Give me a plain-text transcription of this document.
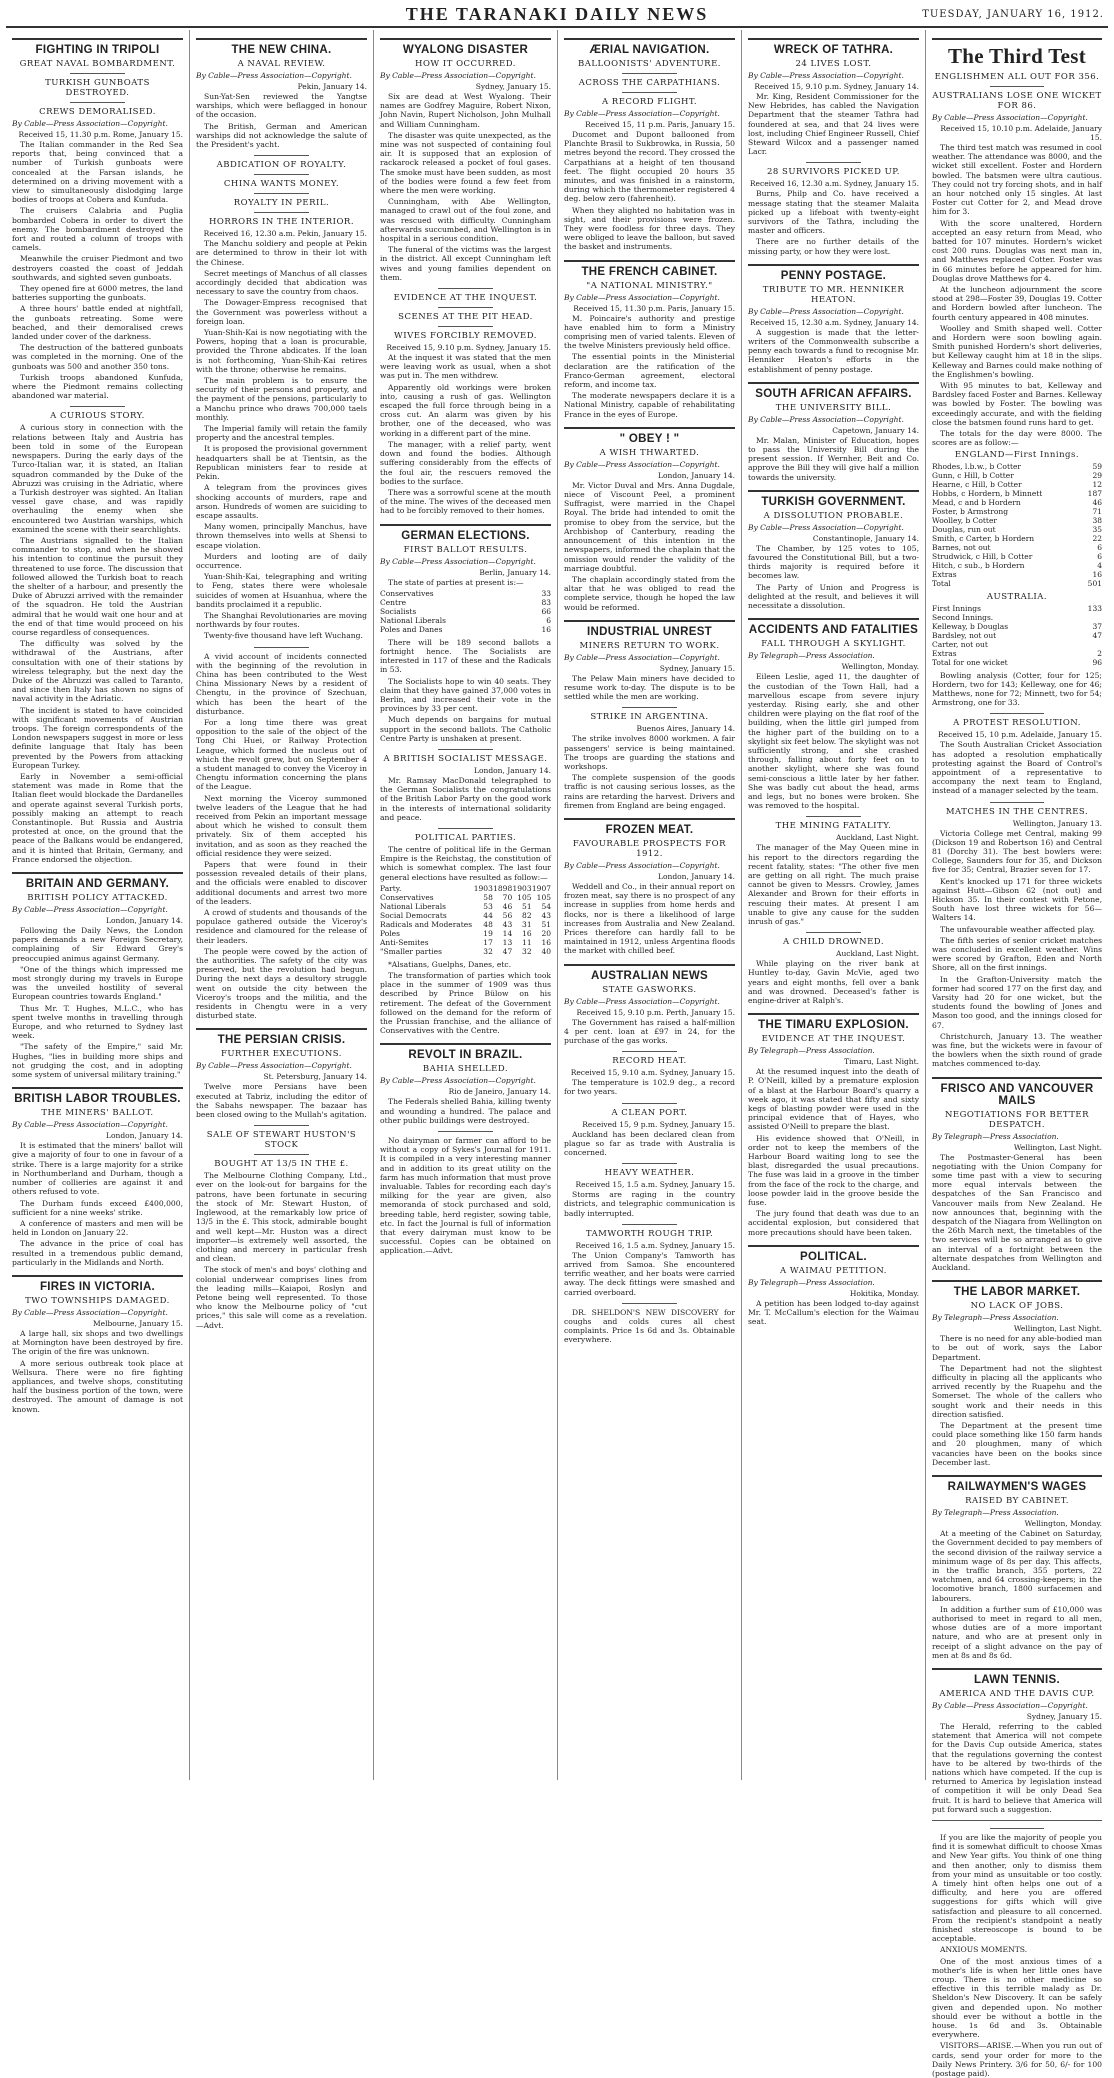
THE TARANAKI DAILY NEWS	TUESDAY, JANUARY 16, 1912.
FIGHTING IN TRIPOLI
GREAT NAVAL BOMBARDMENT.
TURKISH GUNBOATS DESTROYED.
CREWS DEMORALISED.
By Cable—Press Association—Copyright.
Received 15, 11.30 p.m. Rome, January 15.

The Italian commander in the Red Sea reports that, being convinced that a number of Turkish gunboats were concealed at the Farsan islands, he determined on a driving movement with a view to simultaneously dislodging large bodies of troops at Cobera and Kunfuda.

The cruisers Calabria and Puglia bombarded Cobera in order to divert the enemy. The bombardment destroyed the fort and routed a column of troops with camels.

Meanwhile the cruiser Piedmont and two destroyers coasted the coast of Jeddah southwards, and sighted seven gunboats.

They opened fire at 6000 metres, the land batteries supporting the gunboats.

A three hours' battle ended at nightfall, the gunboats retreating. Some were beached, and their demoralised crews landed under cover of the darkness.

The destruction of the battered gunboats was completed in the morning. One of the gunboats was 500 and another 350 tons.

Turkish troops abandoned Kunfuda, where the Piedmont remains collecting abandoned war material.

A CURIOUS STORY.

A curious story in connection with the relations between Italy and Austria has been told in some of the European newspapers. During the early days of the Turco-Italian war, it is stated, an Italian squadron commanded by the Duke of the Abruzzi was cruising in the Adriatic, where a Turkish destroyer was sighted. An Italian vessel gave chase, and was rapidly overhauling the enemy when she encountered two Austrian warships, which examined the scene with their searchlights.

The Austrians signalled to the Italian commander to stop, and when he showed his intention to continue the pursuit they threatened to use force. The discussion that followed allowed the Turkish boat to reach the shelter of a harbour, and presently the Duke of Abruzzi arrived with the remainder of the squadron. He told the Austrian admiral that he would wait one hour and at the end of that time would proceed on his course regardless of consequences.

The difficulty was solved by the withdrawal of the Austrians, after consultation with one of their stations by wireless telegraphy, but the next day the Duke of the Abruzzi was called to Taranto, and since then Italy has shown no signs of naval activity in the Adriatic.

The incident is stated to have coincided with significant movements of Austrian troops. The foreign correspondents of the London newspapers suggest in more or less definite language that Italy has been prevented by the Powers from attacking European Turkey.

Early in November a semi-official statement was made in Rome that the Italian fleet would blockade the Dardanelles and operate against several Turkish ports, possibly making an attempt to reach Constantinople. But Russia and Austria protested at once, on the ground that the peace of the Balkans would be endangered, and it is hinted that Britain, Germany, and France endorsed the objection.

BRITAIN AND GERMANY.
BRITISH POLICY ATTACKED.
By Cable—Press Association—Copyright.
London, January 14.

Following the Daily News, the London papers demands a new Foreign Secretary, complaining of Sir Edward Grey's preoccupied animus against Germany.

"One of the things which impressed me most strongly during my travels in Europe was the unveiled hostility of several European countries towards England."

Thus Mr. T. Hughes, M.L.C., who has spent twelve months in travelling through Europe, and who returned to Sydney last week.

"The safety of the Empire," said Mr. Hughes, "lies in building more ships and not grudging the cost, and in adopting some system of universal military training."

BRITISH LABOR TROUBLES.
THE MINERS' BALLOT.
By Cable—Press Association—Copyright.
London, January 14.

It is estimated that the miners' ballot will give a majority of four to one in favour of a strike. There is a large majority for a strike in Northumberland and Durham, though a number of collieries are against it and others refused to vote.

The Durham funds exceed £400,000, sufficient for a nine weeks' strike.

A conference of masters and men will be held in London on January 22.

The advance in the price of coal has resulted in a tremendous public demand, particularly in the Midlands and North.

FIRES IN VICTORIA.
TWO TOWNSHIPS DAMAGED.
By Cable—Press Association—Copyright.
Melbourne, January 15.

A large hall, six shops and two dwellings at Mornington have been destroyed by fire. The origin of the fire was unknown.

A more serious outbreak took place at Wellsura. There were no fire fighting appliances, and twelve shops, constituting half the business portion of the town, were destroyed. The amount of damage is not known.

THE NEW CHINA.
A NAVAL REVIEW.
By Cable—Press Association—Copyright.
Pekin, January 14.

Sun-Yat-Sen reviewed the Yangtse warships, which were beflagged in honour of the occasion.

The British, German and American warships did not acknowledge the salute of the President's yacht.

ABDICATION OF ROYALTY.
CHINA WANTS MONEY.
ROYALTY IN PERIL.
HORRORS IN THE INTERIOR.
Received 16, 12.30 a.m. Pekin, January 15.

The Manchu soldiery and people at Pekin are determined to throw in their lot with the Chinese.

Secret meetings of Manchus of all classes accordingly decided that abdication was necessary to save the country from chaos.

The Dowager-Empress recognised that the Government was powerless without a foreign loan.

Yuan-Shih-Kai is now negotiating with the Powers, hoping that a loan is procurable, provided the Throne abdicates. If the loan is not forthcoming, Yuan-Shih-Kai retires with the throne; otherwise he remains.

The main problem is to ensure the security of their persons and property, and the payment of the pensions, particularly to a Manchu prince who draws 700,000 taels monthly.

The Imperial family will retain the family property and the ancestral temples.

It is proposed the provisional government headquarters shall be at Tientsin, as the Republican ministers fear to reside at Pekin.

A telegram from the provinces gives shocking accounts of murders, rape and arson. Hundreds of women are suiciding to escape assaults.

Many women, principally Manchus, have thrown themselves into wells at Shensi to escape violation.

Murders and looting are of daily occurrence.

Yuan-Shih-Kai, telegraphing and writing to Feng, states there were wholesale suicides of women at Hsuanhua, where the bandits proclaimed it a republic.

The Shanghai Revolutionaries are moving northwards by four routes.

Twenty-five thousand have left Wuchang.

A vivid account of incidents connected with the beginning of the revolution in China has been contributed to the West China Missionary News by a resident of Chengtu, in the province of Szechuan, which has been the heart of the disturbance.

For a long time there was great opposition to the sale of the object of the Tong Chi Huei, or Railway Protection League, which formed the nucleus out of which the revolt grew, but on September 4 a student managed to convey the Viceroy in Chengtu information concerning the plans of the League.

Next morning the Viceroy summoned twelve leaders of the League that he had received from Pekin an important message about which he wished to consult them privately. Six of them accepted his invitation, and as soon as they reached the official residence they were seized.

Papers that were found in their possession revealed details of their plans, and the officials were enabled to discover additional documents and arrest two more of the leaders.

A crowd of students and thousands of the populace gathered outside the Viceroy's residence and clamoured for the release of their leaders.

The people were cowed by the action of the authorities. The safety of the city was preserved, but the revolution had begun. During the next days a desultory struggle went on outside the city between the Viceroy's troops and the militia, and the residents in Chengtu were in a very disturbed state.

THE PERSIAN CRISIS.
FURTHER EXECUTIONS.
By Cable—Press Association—Copyright.
St. Petersburg, January 14.

Twelve more Persians have been executed at Tabriz, including the editor of the Sabahs newspaper. The bazaar has been closed owing to the Mullah's agitation.

SALE OF STEWART HUSTON'S STOCK
BOUGHT AT 13/5 IN THE £.

The Melbourne Clothing Company, Ltd., ever on the look-out for bargains for the patrons, have been fortunate in securing the stock of Mr. Stewart Huston, of Inglewood, at the remarkably low price of 13/5 in the £. This stock, admirable bought and well kept—Mr. Huston was a direct importer—is extremely well assorted, the clothing and mercery in particular fresh and clean.

The stock of men's and boys' clothing and colonial underwear comprises lines from the leading mills—Kaiapoi, Roslyn and Petone being well represented. To those who know the Melbourne policy of "cut prices," this sale will come as a revelation.—Advt.

WYALONG DISASTER
HOW IT OCCURRED.
By Cable—Press Association—Copyright.
Sydney, January 15.

Six are dead at West Wyalong. Their names are Godfrey Maguire, Robert Nixon, John Navin, Rupert Nicholson, John Mulhall and William Cunningham.

The disaster was quite unexpected, as the mine was not suspected of containing foul air. It is supposed that an explosion of rackarock released a pocket of foul gases. The smoke must have been sudden, as most of the bodies were found a few feet from where the men were working.

Cunningham, with Abe Wellington, managed to crawl out of the foul zone, and was rescued with difficulty. Cunningham afterwards succumbed, and Wellington is in hospital in a serious condition.

The funeral of the victims was the largest in the district. All except Cunningham left wives and young families dependent on them.

EVIDENCE AT THE INQUEST.
SCENES AT THE PIT HEAD.
WIVES FORCIBLY REMOVED.
Received 15, 9.10 p.m. Sydney, January 15.

At the inquest it was stated that the men were leaving work as usual, when a shot was put in. The men withdrew.

Apparently old workings were broken into, causing a rush of gas. Wellington escaped the full force through being in a cross cut. An alarm was given by his brother, one of the deceased, who was working in a different part of the mine.

The manager, with a relief party, went down and found the bodies. Although suffering considerably from the effects of the foul air, the rescuers removed the bodies to the surface.

There was a sorrowful scene at the mouth of the mine. The wives of the deceased men had to be forcibly removed to their homes.

GERMAN ELECTIONS.
FIRST BALLOT RESULTS.
By Cable—Press Association—Copyright.
Berlin, January 14.

The state of parties at present is:—

Conservatives	33
Centre	83
Socialists	66
National Liberals	6
Poles and Danes	16

There will be 189 second ballots a fortnight hence. The Socialists are interested in 117 of these and the Radicals in 53.

The Socialists hope to win 40 seats. They claim that they have gained 37,000 votes in Berlin, and increased their vote in the provinces by 33 per cent.

Much depends on bargains for mutual support in the second ballots. The Catholic Centre Party is unshaken at present.

A BRITISH SOCIALIST MESSAGE.
London, January 14.

Mr. Ramsay MacDonald telegraphed to the German Socialists the congratulations of the British Labor Party on the good work in the interests of international solidarity and peace.

POLITICAL PARTIES.

The centre of political life in the German Empire is the Reichstag, the constitution of which is somewhat complex. The last four general elections have resulted as follow:—

Party.	1903	1898	1903	1907
Conservatives	58	70	105	105
National Liberals	53	46	51	54
Social Democrats	44	56	82	43
Radicals and Moderates	48	43	31	51
Poles	19	14	16	20
Anti-Semites	17	13	11	16
"Smaller parties	32	47	32	40

*Alsatians, Guelphs, Danes, etc.

The transformation of parties which took place in the summer of 1909 was thus described by Prince Bülow on his retirement. The defeat of the Government followed on the demand for the reform of the Prussian franchise, and the alliance of Conservatives with the Centre.

REVOLT IN BRAZIL.
BAHIA SHELLED.
By Cable—Press Association—Copyright.
Rio de Janeiro, January 14.

The Federals shelled Bahia, killing twenty and wounding a hundred. The palace and other public buildings were destroyed.

No dairyman or farmer can afford to be without a copy of Sykes's Journal for 1911. It is compiled in a very interesting manner and in addition to its great utility on the farm has much information that must prove invaluable. Tables for recording each day's milking for the year are given, also memoranda of stock purchased and sold, breeding table, herd register, sowing table, etc. In fact the Journal is full of information that every dairyman must know to be successful. Copies can be obtained on application.—Advt.

ÆRIAL NAVIGATION.
BALLOONISTS' ADVENTURE.
ACROSS THE CARPATHIANS.
A RECORD FLIGHT.
By Cable—Press Association—Copyright.
Received 15, 11 p.m. Paris, January 15.

Ducomet and Dupont ballooned from Planchte Brasil to Sukbrowka, in Russia, 50 metres beyond the record. They crossed the Carpathians at a height of ten thousand feet. The flight occupied 20 hours 35 minutes, and was finished in a rainstorm, during which the thermometer registered 4 deg. below zero (fahrenheit).

When they alighted no habitation was in sight, and their provisions were frozen. They were foodless for three days. They were obliged to leave the balloon, but saved the basket and instruments.

THE FRENCH CABINET.
"A NATIONAL MINISTRY."
By Cable—Press Association—Copyright.
Received 15, 11.30 p.m. Paris, January 15.

M. Poincaire's authority and prestige have enabled him to form a Ministry comprising men of varied talents. Eleven of the twelve Ministers previously held office.

The essential points in the Ministerial declaration are the ratification of the Franco-German agreement, electoral reform, and income tax.

The moderate newspapers declare it is a National Ministry, capable of rehabilitating France in the eyes of Europe.

" OBEY ! "
A WISH THWARTED.
By Cable—Press Association—Copyright.
London, January 14.

Mr. Victor Duval and Mrs. Anna Dugdale, niece of Viscount Peel, a prominent Suffragist, were married in the Chapel Royal. The bride had intended to omit the promise to obey from the service, but the Archbishop of Canterbury, reading the announcement of this intention in the newspapers, informed the chaplain that the omission would render the validity of the marriage doubtful.

The chaplain accordingly stated from the altar that he was obliged to read the complete service, though he hoped the law would be reformed.

INDUSTRIAL UNREST
MINERS RETURN TO WORK.
By Cable—Press Association—Copyright.
Sydney, January 15.

The Pelaw Main miners have decided to resume work to-day. The dispute is to be settled while the men are working.

STRIKE IN ARGENTINA.
Buenos Aires, January 14.

The strike involves 8000 workmen. A fair passengers' service is being maintained. The troops are guarding the stations and workshops.

The complete suspension of the goods traffic is not causing serious losses, as the rains are retarding the harvest. Drivers and firemen from England are being engaged.

FROZEN MEAT.
FAVOURABLE PROSPECTS FOR 1912.
By Cable—Press Association—Copyright.
London, January 14.

Weddell and Co., in their annual report on frozen meat, say there is no prospect of any increase in supplies from home herds and flocks, nor is there a likelihood of large increases from Australia and New Zealand. Prices therefore can hardly fall to be maintained in 1912, unless Argentina floods the market with chilled beef.

AUSTRALIAN NEWS
STATE GASWORKS.
By Cable—Press Association—Copyright.
Received 15, 9.10 p.m. Perth, January 15.

The Government has raised a half-million 4 per cent. loan at £97 in 24, for the purchase of the gas works.

RECORD HEAT.
Received 15, 9.10 a.m. Sydney, January 15.

The temperature is 102.9 deg., a record for two years.

A CLEAN PORT.
Received 15, 9 p.m. Sydney, January 15.

Auckland has been declared clean from plague so far as trade with Australia is concerned.

HEAVY WEATHER.
Received 15, 1.5 a.m. Sydney, January 15.

Storms are raging in the country districts, and telegraphic communication is badly interrupted.

TAMWORTH ROUGH TRIP.
Received 16, 1.5 a.m. Sydney, January 15.

The Union Company's Tamworth has arrived from Samoa. She encountered terrific weather, and her boats were carried away. The deck fittings were smashed and carried overboard.

DR. SHELDON'S NEW DISCOVERY for coughs and colds cures all chest complaints. Price 1s 6d and 3s. Obtainable everywhere.

WRECK OF TATHRA.
24 LIVES LOST.
By Cable—Press Association—Copyright.
Received 15, 9.10 p.m. Sydney, January 14.

Mr. King, Resident Commissioner for the New Hebrides, has cabled the Navigation Department that the steamer Tathra had foundered at sea, and that 24 lives were lost, including Chief Engineer Russell, Chief Steward Wilcox and a passenger named Lacr.

28 SURVIVORS PICKED UP.
Received 16, 12.30 a.m. Sydney, January 15.

Burns, Philp and Co. have received a message stating that the steamer Malaita picked up a lifeboat with twenty-eight survivors of the Tathra, including the master and officers.

There are no further details of the missing party, or how they were lost.

PENNY POSTAGE.
TRIBUTE TO MR. HENNIKER HEATON.
By Cable—Press Association—Copyright.
Received 15, 12.30 a.m. Sydney, January 14.

A suggestion is made that the letter-writers of the Commonwealth subscribe a penny each towards a fund to recognise Mr. Henniker Heaton's efforts in the establishment of penny postage.

SOUTH AFRICAN AFFAIRS.
THE UNIVERSITY BILL.
By Cable—Press Association—Copyright.
Capetown, January 14.

Mr. Malan, Minister of Education, hopes to pass the University Bill during the present session. If Wernher, Beit and Co. approve the Bill they will give half a million towards the university.

TURKISH GOVERNMENT.
A DISSOLUTION PROBABLE.
By Cable—Press Association—Copyright.
Constantinople, January 14.

The Chamber, by 125 votes to 105, favoured the Constitutional Bill, but a two-thirds majority is required before it becomes law.

The Party of Union and Progress is delighted at the result, and believes it will necessitate a dissolution.

ACCIDENTS AND FATALITIES
FALL THROUGH A SKYLIGHT.
By Telegraph—Press Association.
Wellington, Monday.

Eileen Leslie, aged 11, the daughter of the custodian of the Town Hall, had a marvellous escape from severe injury yesterday. Rising early, she and other children were playing on the flat roof of the building, when the little girl jumped from the higher part of the building on to a skylight six feet below. The skylight was not sufficiently strong, and she crashed through, falling about forty feet on to another skylight, where she was found semi-conscious a little later by her father. She was badly cut about the head, arms and legs, but no bones were broken. She was removed to the hospital.

THE MINING FATALITY.
Auckland, Last Night.

The manager of the May Queen mine in his report to the directors regarding the recent fatality, states: "The other five men are getting on all right. The much praise cannot be given to Messrs. Crowley, James Alexander and Brown for their efforts in rescuing their mates. At present I am unable to give any cause for the sudden inrush of gas."

A CHILD DROWNED.
Auckland, Last Night.

While playing on the river bank at Huntley to-day, Gavin McVie, aged two years and eight months, fell over a bank and was drowned. Deceased's father is engine-driver at Ralph's.

THE TIMARU EXPLOSION.
EVIDENCE AT THE INQUEST.
By Telegraph—Press Association.
Timaru, Last Night.

At the resumed inquest into the death of P. O'Neill, killed by a premature explosion of a blast at the Harbour Board's quarry a week ago, it was stated that fifty and sixty kegs of blasting powder were used in the principal evidence that of Hayes, who assisted O'Neill to prepare the blast.

His evidence showed that O'Neill, in order not to keep the members of the Harbour Board waiting long to see the blast, disregarded the usual precautions. The fuse was laid in a groove in the timber from the face of the rock to the charge, and loose powder laid in the groove beside the fuse.

The jury found that death was due to an accidental explosion, but considered that more precautions should have been taken.

POLITICAL.
A WAIMAU PETITION.
By Telegraph—Press Association.
Hokitika, Monday.

A petition has been lodged to-day against Mr. T. McCallum's election for the Waimau seat.

The Third Test
ENGLISHMEN ALL OUT FOR 356.
AUSTRALIANS LOSE ONE WICKET FOR 86.
By Cable—Press Association—Copyright.
Received 15, 10.10 p.m. Adelaide, January 15.

The third test match was resumed in cool weather. The attendance was 8000, and the wicket still excellent. Foster and Hordern bowled. The batsmen were ultra cautious. They could not try forcing shots, and in half an hour notched only 15 singles. At last Foster cut Cotter for 2, and Mead drove him for 3.

With the score unaltered, Hordern accepted an easy return from Mead, who batted for 107 minutes. Hordern's wicket cost 200 runs. Douglas was next man in, and Matthews replaced Cotter. Foster was in 66 minutes before he appeared for him. Douglas drove Matthews for 4.

At the luncheon adjournment the score stood at 298—Foster 39, Douglas 19. Cotter and Hordern bowled after luncheon. The fourth century appeared in 408 minutes.

Woolley and Smith shaped well. Cotter and Hordern were soon bowling again. Smith punished Hordern's short deliveries, but Kelleway caught him at 18 in the slips. Kelleway and Barnes could make nothing of the Englishmen's bowling.

With 95 minutes to bat, Kelleway and Bardsley faced Foster and Barnes. Kelleway was bowled by Foster. The bowling was exceedingly accurate, and with the fielding close the batsmen found runs hard to get.

The totals for the day were 8000. The scores are as follow:—

ENGLAND—First Innings.
Rhodes, l.b.w., b Cotter	59
Gunn, c Hill, b Cotter	29
Hearne, c Hill, b Cotter	12
Hobbs, c Hordern, b Minnett	187
Mead, c and b Hordern	46
Foster, b Armstrong	71
Woolley, b Cotter	38
Douglas, run out	35
Smith, c Carter, b Hordern	22
Barnes, not out	6
Strudwick, c Hill, b Cotter	6
Hitch, c sub., b Hordern	4
Extras	16
Total	501
AUSTRALIA.
First Innings	133
Second Innings.	
Kelleway, b Douglas	37
Bardsley, not out	47
Carter, not out	
Extras	2
Total for one wicket	96

Bowling analysis (Cotter, four for 125; Hordern, two for 143; Kelleway, one for 46; Matthews, none for 72; Minnett, two for 54; Armstrong, one for 33.

A PROTEST RESOLUTION.
Received 15, 10 p.m. Adelaide, January 15.

The South Australian Cricket Association has adopted a resolution emphatically protesting against the Board of Control's appointment of a representative to accompany the next team to England, instead of a manager selected by the team.

MATCHES IN THE CENTRES.
Wellington, January 13.

Victoria College met Central, making 99 (Dickson 19 and Robertson 16) and Central 81 (Dorchy 31). The best bowlers were: College, Saunders four for 35, and Dickson five for 35; Central, Brazier seven for 17.

Kent's knocked up 171 for three wickets against Hutt—Gibson 62 (not out) and Hickson 35. In their contest with Petone, South have lost three wickets for 56—Walters 14.

The unfavourable weather affected play.

The fifth series of senior cricket matches was concluded in excellent weather. Wins were scored by Grafton, Eden and North Shore, all on the first innings.

In the Grafton-University match the former had scored 177 on the first day, and Varsity had 20 for one wicket, but the students found the bowling of Jones and Mason too good, and the innings closed for 67.

Christchurch, January 13. The weather was fine, but the wickets were in favour of the bowlers when the sixth round of grade matches commenced to-day.

FRISCO AND VANCOUVER MAILS
NEGOTIATIONS FOR BETTER DESPATCH.
By Telegraph—Press Association.
Wellington, Last Night.

The Postmaster-General has been negotiating with the Union Company for some time past with a view to securing more equal intervals between the despatches of the San Francisco and Vancouver mails from New Zealand. He now announces that, beginning with the despatch of the Niagara from Wellington on the 26th March next, the timetables of the two services will be so arranged as to give an interval of a fortnight between the alternate despatches from Wellington and Auckland.

THE LABOR MARKET.
NO LACK OF JOBS.
By Telegraph—Press Association.
Wellington, Last Night.

There is no need for any able-bodied man to be out of work, says the Labor Department.

The Department had not the slightest difficulty in placing all the applicants who arrived recently by the Ruapehu and the Somerset. The whole of the callers who sought work and their needs in this direction satisfied.

The Department at the present time could place something like 150 farm hands and 20 ploughmen, many of which vacancies have been on the books since December last.

RAILWAYMEN'S WAGES
RAISED BY CABINET.
By Telegraph—Press Association.
Wellington, Monday.

At a meeting of the Cabinet on Saturday, the Government decided to pay members of the second division of the railway service a minimum wage of 8s per day. This affects, in the traffic branch, 355 porters, 22 watchmen, and 64 crossing-keepers; in the locomotive branch, 1800 surfacemen and labourers.

In addition a further sum of £10,000 was authorised to meet in regard to all men, whose duties are of a more important nature, and who are at present only in receipt of a slight advance on the pay of men at 8s and 8s 6d.

LAWN TENNIS.
AMERICA AND THE DAVIS CUP.
By Cable—Press Association—Copyright.
Sydney, January 15.

The Herald, referring to the cabled statement that America will not compete for the Davis Cup outside America, states that the regulations governing the contest have to be altered by two-thirds of the nations which have competed. If the cup is returned to America by legislation instead of competition it will be only Dead Sea fruit. It is hard to believe that America will put forward such a suggestion.

If you are like the majority of people you find it is somewhat difficult to choose Xmas and New Year gifts. You think of one thing and then another, only to dismiss them from your mind as unsuitable or too costly. A timely hint often helps one out of a difficulty, and here you are offered suggestions for gifts which will give satisfaction and pleasure to all concerned. From the recipient's standpoint a neatly finished stereoscope is bound to be acceptable.

ANXIOUS MOMENTS.

One of the most anxious times of a mother's life is when her little ones have croup. There is no other medicine so effective in this terrible malady as Dr. Sheldon's New Discovery. It can be safely given and depended upon. No mother should ever be without a bottle in the house. 1s 6d and 3s. Obtainable everywhere.

VISITORS—ARISE.—When you run out of cards, send your order for more to the Daily News Printery. 3/6 for 50, 6/- for 100 (postage paid).
